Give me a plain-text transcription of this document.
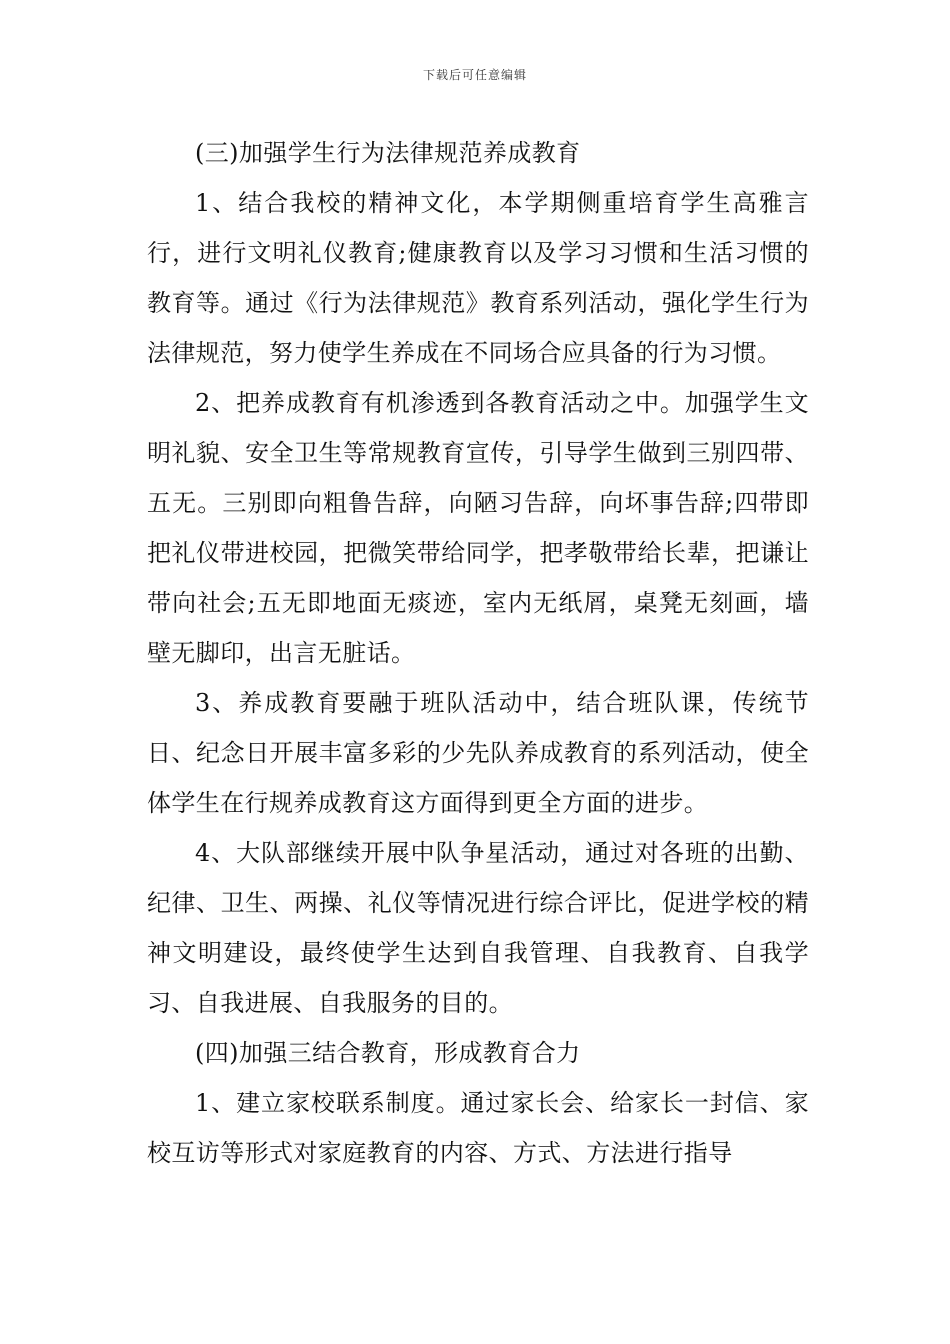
下载后可任意编辑

(三)加强学生行为法律规范养成教育

1、结合我校的精神文化，本学期侧重培育学生高雅言行，进行文明礼仪教育;健康教育以及学习习惯和生活习惯的教育等。通过《行为法律规范》教育系列活动，强化学生行为法律规范，努力使学生养成在不同场合应具备的行为习惯。

2、把养成教育有机渗透到各教育活动之中。加强学生文明礼貌、安全卫生等常规教育宣传，引导学生做到三别四带、五无。三别即向粗鲁告辞，向陋习告辞，向坏事告辞;四带即把礼仪带进校园，把微笑带给同学，把孝敬带给长辈，把谦让带向社会;五无即地面无痰迹，室内无纸屑，桌凳无刻画，墙壁无脚印，出言无脏话。

3、养成教育要融于班队活动中，结合班队课，传统节日、纪念日开展丰富多彩的少先队养成教育的系列活动，使全体学生在行规养成教育这方面得到更全方面的进步。

4、大队部继续开展中队争星活动，通过对各班的出勤、纪律、卫生、两操、礼仪等情况进行综合评比，促进学校的精神文明建设，最终使学生达到自我管理、自我教育、自我学习、自我进展、自我服务的目的。

(四)加强三结合教育，形成教育合力

1、建立家校联系制度。通过家长会、给家长一封信、家校互访等形式对家庭教育的内容、方式、方法进行指导
